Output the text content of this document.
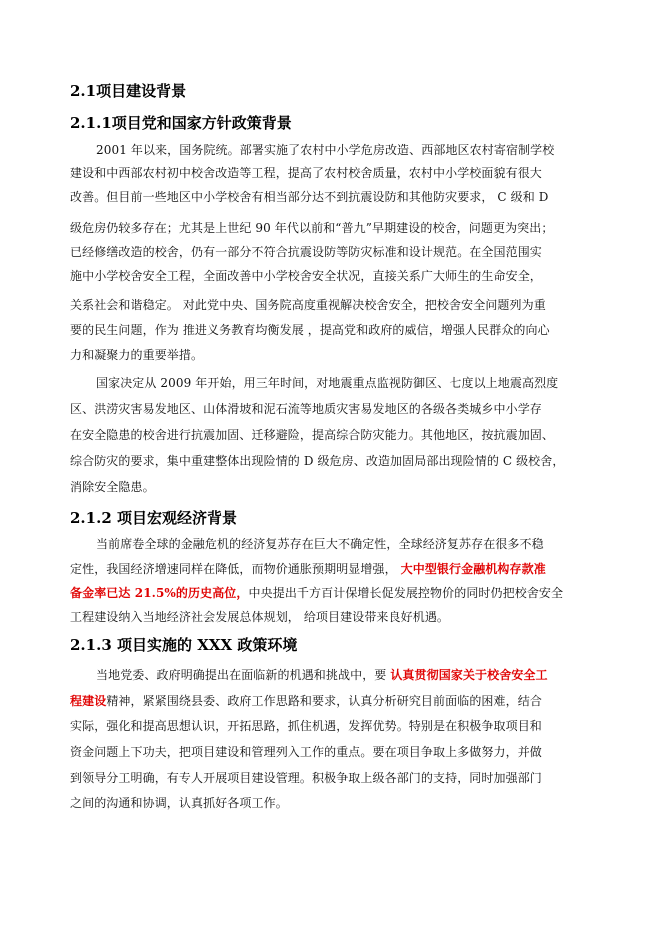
2.1项目建设背景
2.1.1项目党和国家方针政策背景

2001 年以来，国务院统。部署实施了农村中小学危房改造、西部地区农村寄宿制学校

建设和中西部农村初中校舍改造等工程，提高了农村校舍质量，农村中小学校面貌有很大

改善。但目前一些地区中小学校舍有相当部分达不到抗震设防和其他防灾要求， C 级和 D

级危房仍较多存在；尤其是上世纪 90 年代以前和“普九”早期建设的校舍，问题更为突出；

已经修缮改造的校舍，仍有一部分不符合抗震设防等防灾标准和设计规范。在全国范围实

施中小学校舍安全工程，全面改善中小学校舍安全状况，直接关系广大师生的生命安全，

关系社会和谐稳定。 对此党中央、国务院高度重视解决校舍安全，把校舍安全问题列为重

要的民生问题，作为 推进义务教育均衡发展 ，提高党和政府的威信，增强人民群众的向心

力和凝聚力的重要举措。

国家决定从 2009 年开始，用三年时间，对地震重点监视防御区、七度以上地震高烈度

区、洪涝灾害易发地区、山体滑坡和泥石流等地质灾害易发地区的各级各类城乡中小学存

在安全隐患的校舍进行抗震加固、迁移避险，提高综合防灾能力。其他地区，按抗震加固、

综合防灾的要求，集中重建整体出现险情的 D 级危房、改造加固局部出现险情的 C 级校舍，

消除安全隐患。

2.1.2 项目宏观经济背景

当前席卷全球的金融危机的经济复苏存在巨大不确定性，全球经济复苏存在很多不稳

定性，我国经济增速同样在降低，而物价通胀预期明显增强， 大中型银行金融机构存款准

备金率已达 21.5%的历史高位，中央提出千方百计保增长促发展控物价的同时仍把校舍安全

工程建设纳入当地经济社会发展总体规划， 给项目建设带来良好机遇。

2.1.3 项目实施的 XXX 政策环境

当地党委、政府明确提出在面临新的机遇和挑战中，要 认真贯彻国家关于校舍安全工

程建设精神，紧紧围绕县委、政府工作思路和要求，认真分析研究目前面临的困难，结合

实际，强化和提高思想认识，开拓思路，抓住机遇，发挥优势。特别是在积极争取项目和

资金问题上下功夫，把项目建设和管理列入工作的重点。要在项目争取上多做努力，并做

到领导分工明确，有专人开展项目建设管理。积极争取上级各部门的支持，同时加强部门

之间的沟通和协调，认真抓好各项工作。
